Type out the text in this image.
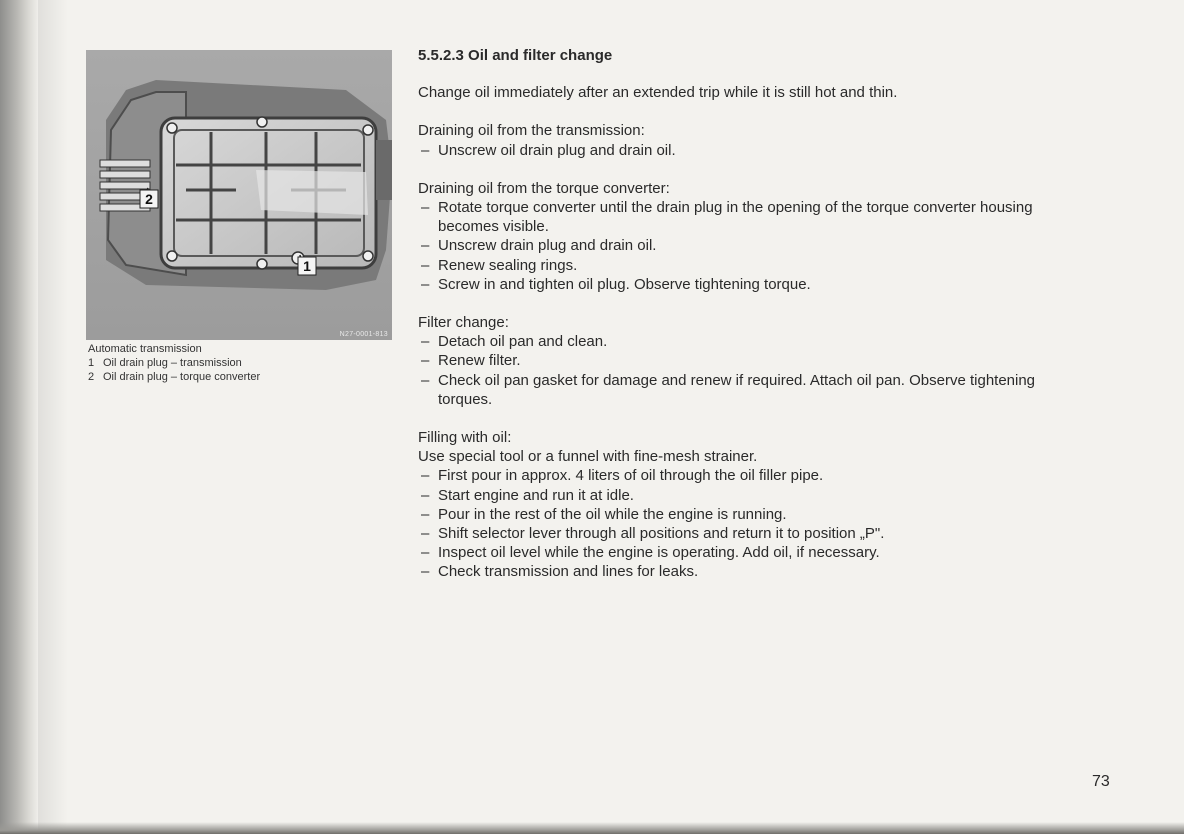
1
2
N27-0001-813

Automatic transmission

1 Oil drain plug – transmission
2 Oil drain plug – torque converter

5.5.2.3 Oil and filter change

Change oil immediately after an extended trip while it is still hot and thin.

Draining oil from the transmission:

– Unscrew oil drain plug and drain oil.

Draining oil from the torque converter:

– Rotate torque converter until the drain plug in the opening of the torque converter housing becomes visible.
– Unscrew drain plug and drain oil.
– Renew sealing rings.
– Screw in and tighten oil plug. Observe tightening torque.

Filter change:

– Detach oil pan and clean.
– Renew filter.
– Check oil pan gasket for damage and renew if required. Attach oil pan. Observe tightening torques.

Filling with oil:

Use special tool or a funnel with fine-mesh strainer.

– First pour in approx. 4 liters of oil through the oil filler pipe.
– Start engine and run it at idle.
– Pour in the rest of the oil while the engine is running.
– Shift selector lever through all positions and return it to position „P".
– Inspect oil level while the engine is operating. Add oil, if necessary.
– Check transmission and lines for leaks.
73
